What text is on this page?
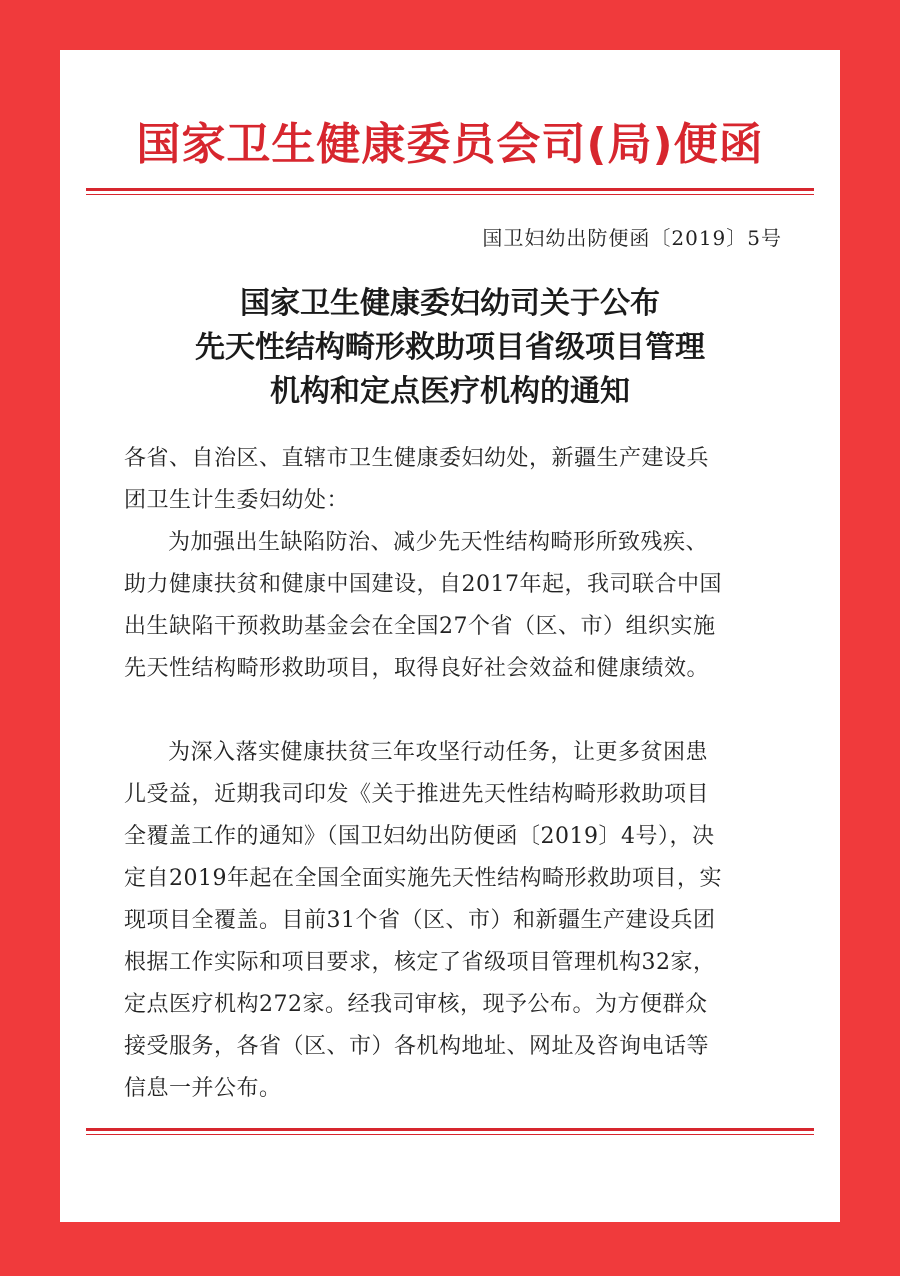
国家卫生健康委员会司(局)便函
国卫妇幼出防便函〔2019〕5号
国家卫生健康委妇幼司关于公布
先天性结构畸形救助项目省级项目管理
机构和定点医疗机构的通知
各省、自治区、直辖市卫生健康委妇幼处，新疆生产建设兵
团卫生计生委妇幼处：
为加强出生缺陷防治、减少先天性结构畸形所致残疾、
助力健康扶贫和健康中国建设，自2017年起，我司联合中国
出生缺陷干预救助基金会在全国27个省（区、市）组织实施
先天性结构畸形救助项目，取得良好社会效益和健康绩效。
为深入落实健康扶贫三年攻坚行动任务，让更多贫困患
儿受益，近期我司印发《关于推进先天性结构畸形救助项目
全覆盖工作的通知》（国卫妇幼出防便函〔2019〕4号），决
定自2019年起在全国全面实施先天性结构畸形救助项目，实
现项目全覆盖。目前31个省（区、市）和新疆生产建设兵团
根据工作实际和项目要求，核定了省级项目管理机构32家，
定点医疗机构272家。经我司审核，现予公布。为方便群众
接受服务，各省（区、市）各机构地址、网址及咨询电话等
信息一并公布。
